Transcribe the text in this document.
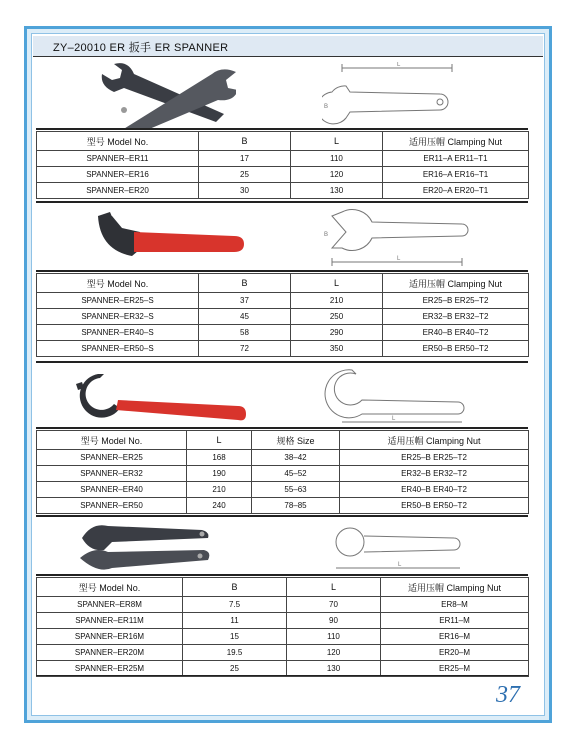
ZY–20010 ER 扳手 ER SPANNER
L
B
型号 Model No.	B	L	适用压帽 Clamping Nut
SPANNER–ER11	17	110	ER11–A ER11–T1
SPANNER–ER16	25	120	ER16–A ER16–T1
SPANNER–ER20	30	130	ER20–A ER20–T1
L
B
型号 Model No.	B	L	适用压帽 Clamping Nut
SPANNER–ER25–S	37	210	ER25–B ER25–T2
SPANNER–ER32–S	45	250	ER32–B ER32–T2
SPANNER–ER40–S	58	290	ER40–B ER40–T2
SPANNER–ER50–S	72	350	ER50–B ER50–T2
L
型号 Model No.	L	规格 Size	适用压帽 Clamping Nut
SPANNER–ER25	168	38–42	ER25–B ER25–T2
SPANNER–ER32	190	45–52	ER32–B ER32–T2
SPANNER–ER40	210	55–63	ER40–B ER40–T2
SPANNER–ER50	240	78–85	ER50–B ER50–T2
L
型号 Model No.	B	L	适用压帽 Clamping Nut
SPANNER–ER8M	7.5	70	ER8–M
SPANNER–ER11M	11	90	ER11–M
SPANNER–ER16M	15	110	ER16–M
SPANNER–ER20M	19.5	120	ER20–M
SPANNER–ER25M	25	130	ER25–M
37
